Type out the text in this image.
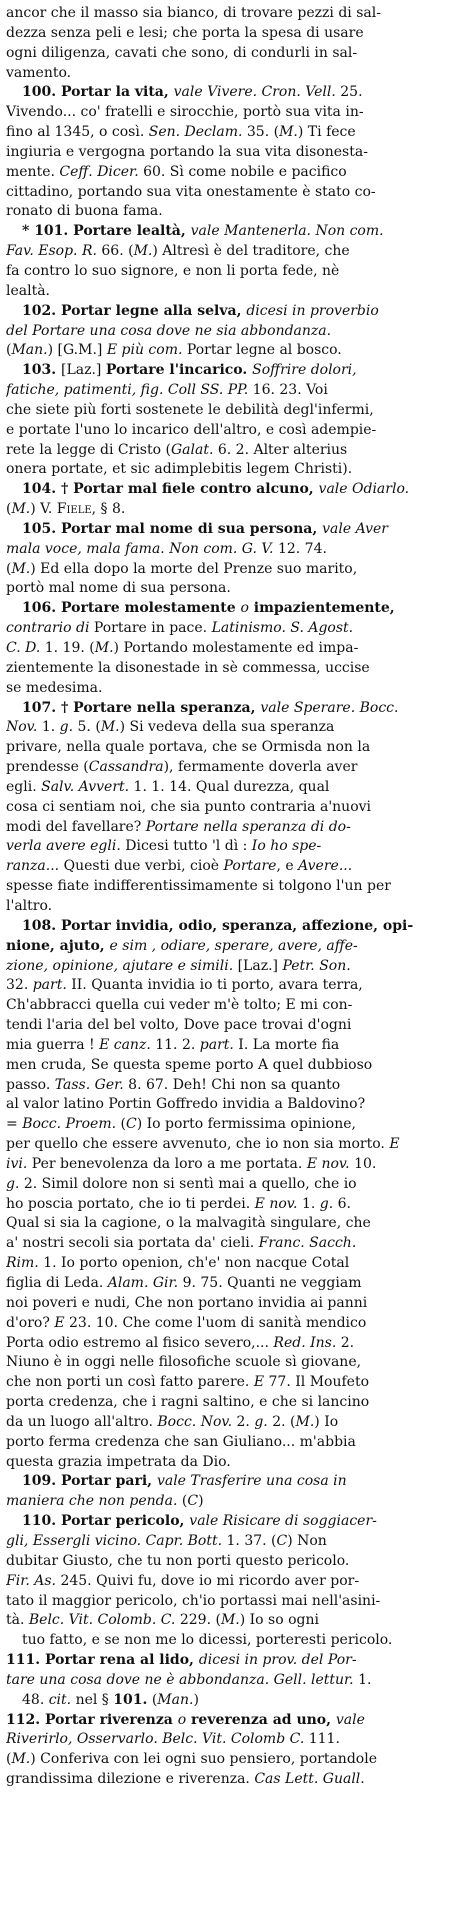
ancor che il masso sia bianco, di trovare pezzi di sal-
dezza senza peli e lesi; che porta la spesa di usare
ogni diligenza, cavati che sono, di condurli in sal-
vamento.
100. Portar la vita, vale Vivere. Cron. Vell. 25.
Vivendo... co' fratelli e sirocchie, portò sua vita in-
fino al 1345, o così. Sen. Declam. 35. (M.) Ti fece
ingiuria e vergogna portando la sua vita disonesta-
mente. Ceff. Dicer. 60. Sì come nobile e pacifico
cittadino, portando sua vita onestamente è stato co-
ronato di buona fama.
* 101. Portare lealtà, vale Mantenerla. Non com.
Fav. Esop. R. 66. (M.) Altresì è del traditore, che
fa contro lo suo signore, e non li porta fede, nè
lealtà.
102. Portar legne alla selva, dicesi in proverbio
del Portare una cosa dove ne sia abbondanza.
(Man.) [G.M.] E più com. Portar legne al bosco.
103. [Laz.] Portare l'incarico. Soffrire dolori,
fatiche, patimenti, fig. Coll SS. PP. 16. 23. Voi
che siete più forti sostenete le debilità degl'infermi,
e portate l'uno lo incarico dell'altro, e così adempie-
rete la legge di Cristo (Galat. 6. 2. Alter alterius
onera portate, et sic adimplebitis legem Christi).
104. † Portar mal fiele contro alcuno, vale Odiarlo.
(M.) V. Fiele, § 8.
105. Portar mal nome di sua persona, vale Aver
mala voce, mala fama. Non com. G. V. 12. 74.
(M.) Ed ella dopo la morte del Prenze suo marito,
portò mal nome di sua persona.
106. Portare molestamente o impazientemente,
contrario di Portare in pace. Latinismo. S. Agost.
C. D. 1. 19. (M.) Portando molestamente ed impa-
zientemente la disonestade in sè commessa, uccise
se medesima.
107. † Portare nella speranza, vale Sperare. Bocc.
Nov. 1. g. 5. (M.) Si vedeva della sua speranza
privare, nella quale portava, che se Ormisda non la
prendesse (Cassandra), fermamente doverla aver
egli. Salv. Avvert. 1. 1. 14. Qual durezza, qual
cosa ci sentiam noi, che sia punto contraria a'nuovi
modi del favellare? Portare nella speranza di do-
verla avere egli. Dicesi tutto 'l dì : Io ho spe-
ranza... Questi due verbi, cioè Portare, e Avere...
spesse fiate indifferentissimamente si tolgono l'un per
l'altro.
108. Portar invidia, odio, speranza, affezione, opi-
nione, ajuto, e sim , odiare, sperare, avere, affe-
zione, opinione, ajutare e simili. [Laz.] Petr. Son.
32. part. II. Quanta invidia io ti porto, avara terra,
Ch'abbracci quella cui veder m'è tolto; E mi con-
tendi l'aria del bel volto, Dove pace trovai d'ogni
mia guerra ! E canz. 11. 2. part. I. La morte fia
men cruda, Se questa speme porto A quel dubbioso
passo. Tass. Ger. 8. 67. Deh! Chi non sa quanto
al valor latino Portin Goffredo invidia a Baldovino?
= Bocc. Proem. (C) Io porto fermissima opinione,
per quello che essere avvenuto, che io non sia morto. E
ivi. Per benevolenza da loro a me portata. E nov. 10.
g. 2. Simil dolore non si sentì mai a quello, che io
ho poscia portato, che io ti perdei. E nov. 1. g. 6.
Qual si sia la cagione, o la malvagità singulare, che
a' nostri secoli sia portata da' cieli. Franc. Sacch.
Rim. 1. Io porto openion, ch'e' non nacque Cotal
figlia di Leda. Alam. Gir. 9. 75. Quanti ne veggiam
noi poveri e nudi, Che non portano invidia ai panni
d'oro? E 23. 10. Che come l'uom di sanità mendico
Porta odio estremo al fisico severo,... Red. Ins. 2.
Niuno è in oggi nelle filosofiche scuole sì giovane,
che non porti un così fatto parere. E 77. Il Moufeto
porta credenza, che i ragni saltino, e che si lancino
da un luogo all'altro. Bocc. Nov. 2. g. 2. (M.) Io
porto ferma credenza che san Giuliano... m'abbia
questa grazia impetrata da Dio.
109. Portar pari, vale Trasferire una cosa in
maniera che non penda. (C)
110. Portar pericolo, vale Risicare di soggiacer-
gli, Essergli vicino. Capr. Bott. 1. 37. (C) Non
dubitar Giusto, che tu non porti questo pericolo.
Fir. As. 245. Quivi fu, dove io mi ricordo aver por-
tato il maggior pericolo, ch'io portassi mai nell'asini-
tà. Belc. Vit. Colomb. C. 229. (M.) Io so ogni
tuo fatto, e se non me lo dicessi, porteresti pericolo.
111. Portar rena al lido, dicesi in prov. del Por-
tare una cosa dove ne è abbondanza. Gell. lettur. 1.
48. cit. nel § 101. (Man.)
112. Portar riverenza o reverenza ad uno, vale
Riverirlo, Osservarlo. Belc. Vit. Colomb C. 111.
(M.) Conferiva con lei ogni suo pensiero, portandole
grandissima dilezione e riverenza. Cas Lett. Guall.
